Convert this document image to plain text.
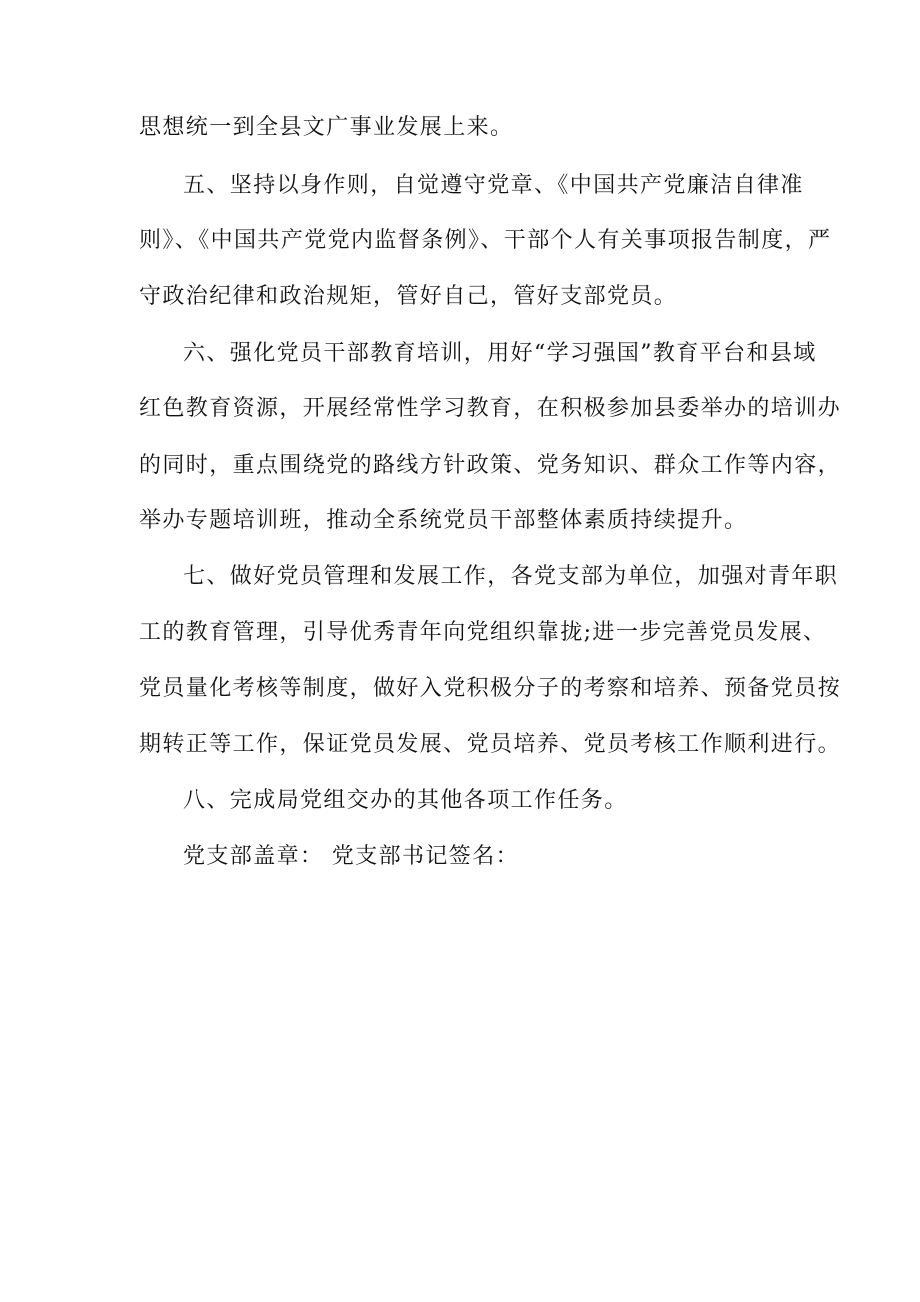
思想统一到全县文广事业发展上来。
五、坚持以身作则，自觉遵守党章、《中国共产党廉洁自律准
则》、《中国共产党党内监督条例》、干部个人有关事项报告制度，严
守政治纪律和政治规矩，管好自己，管好支部党员。
六、强化党员干部教育培训，用好“学习强国”教育平台和县域
红色教育资源，开展经常性学习教育，在积极参加县委举办的培训办
的同时，重点围绕党的路线方针政策、党务知识、群众工作等内容，
举办专题培训班，推动全系统党员干部整体素质持续提升。
七、做好党员管理和发展工作，各党支部为单位，加强对青年职
工的教育管理，引导优秀青年向党组织靠拢;进一步完善党员发展、
党员量化考核等制度，做好入党积极分子的考察和培养、预备党员按
期转正等工作，保证党员发展、党员培养、党员考核工作顺利进行。
八、完成局党组交办的其他各项工作任务。
党支部盖章： 党支部书记签名：
